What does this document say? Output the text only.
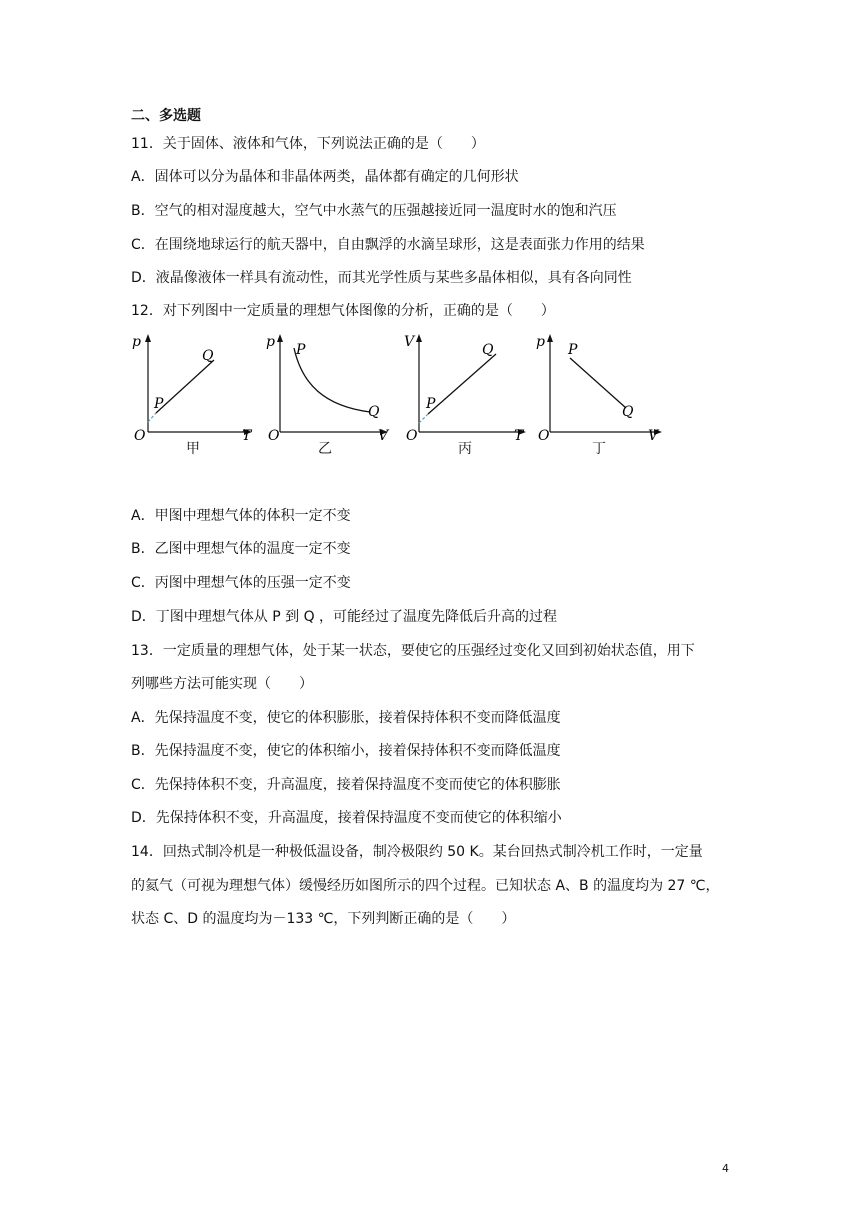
二、多选题
11．关于固体、液体和气体，下列说法正确的是（　　）
A．固体可以分为晶体和非晶体两类，晶体都有确定的几何形状
B．空气的相对湿度越大，空气中水蒸气的压强越接近同一温度时水的饱和汽压
C．在围绕地球运行的航天器中，自由飘浮的水滴呈球形，这是表面张力作用的结果
D．液晶像液体一样具有流动性，而其光学性质与某些多晶体相似，具有各向同性
12．对下列图中一定质量的理想气体图像的分析，正确的是（　　）
p
T
O
P
Q
甲
p
V
O
P
Q
乙
V
T
O
P
Q
丙
p
V
O
P
Q
丁
A．甲图中理想气体的体积一定不变
B．乙图中理想气体的温度一定不变
C．丙图中理想气体的压强一定不变
D．丁图中理想气体从 P 到 Q ，可能经过了温度先降低后升高的过程
13．一定质量的理想气体，处于某一状态，要使它的压强经过变化又回到初始状态值，用下
列哪些方法可能实现（　　）
A．先保持温度不变，使它的体积膨胀，接着保持体积不变而降低温度
B．先保持温度不变，使它的体积缩小，接着保持体积不变而降低温度
C．先保持体积不变，升高温度，接着保持温度不变而使它的体积膨胀
D．先保持体积不变，升高温度，接着保持温度不变而使它的体积缩小
14．回热式制冷机是一种极低温设备，制冷极限约 50 K。某台回热式制冷机工作时，一定量
的氦气（可视为理想气体）缓慢经历如图所示的四个过程。已知状态 A、B 的温度均为 27 ℃，
状态 C、D 的温度均为－133 ℃，下列判断正确的是（　　）
4
